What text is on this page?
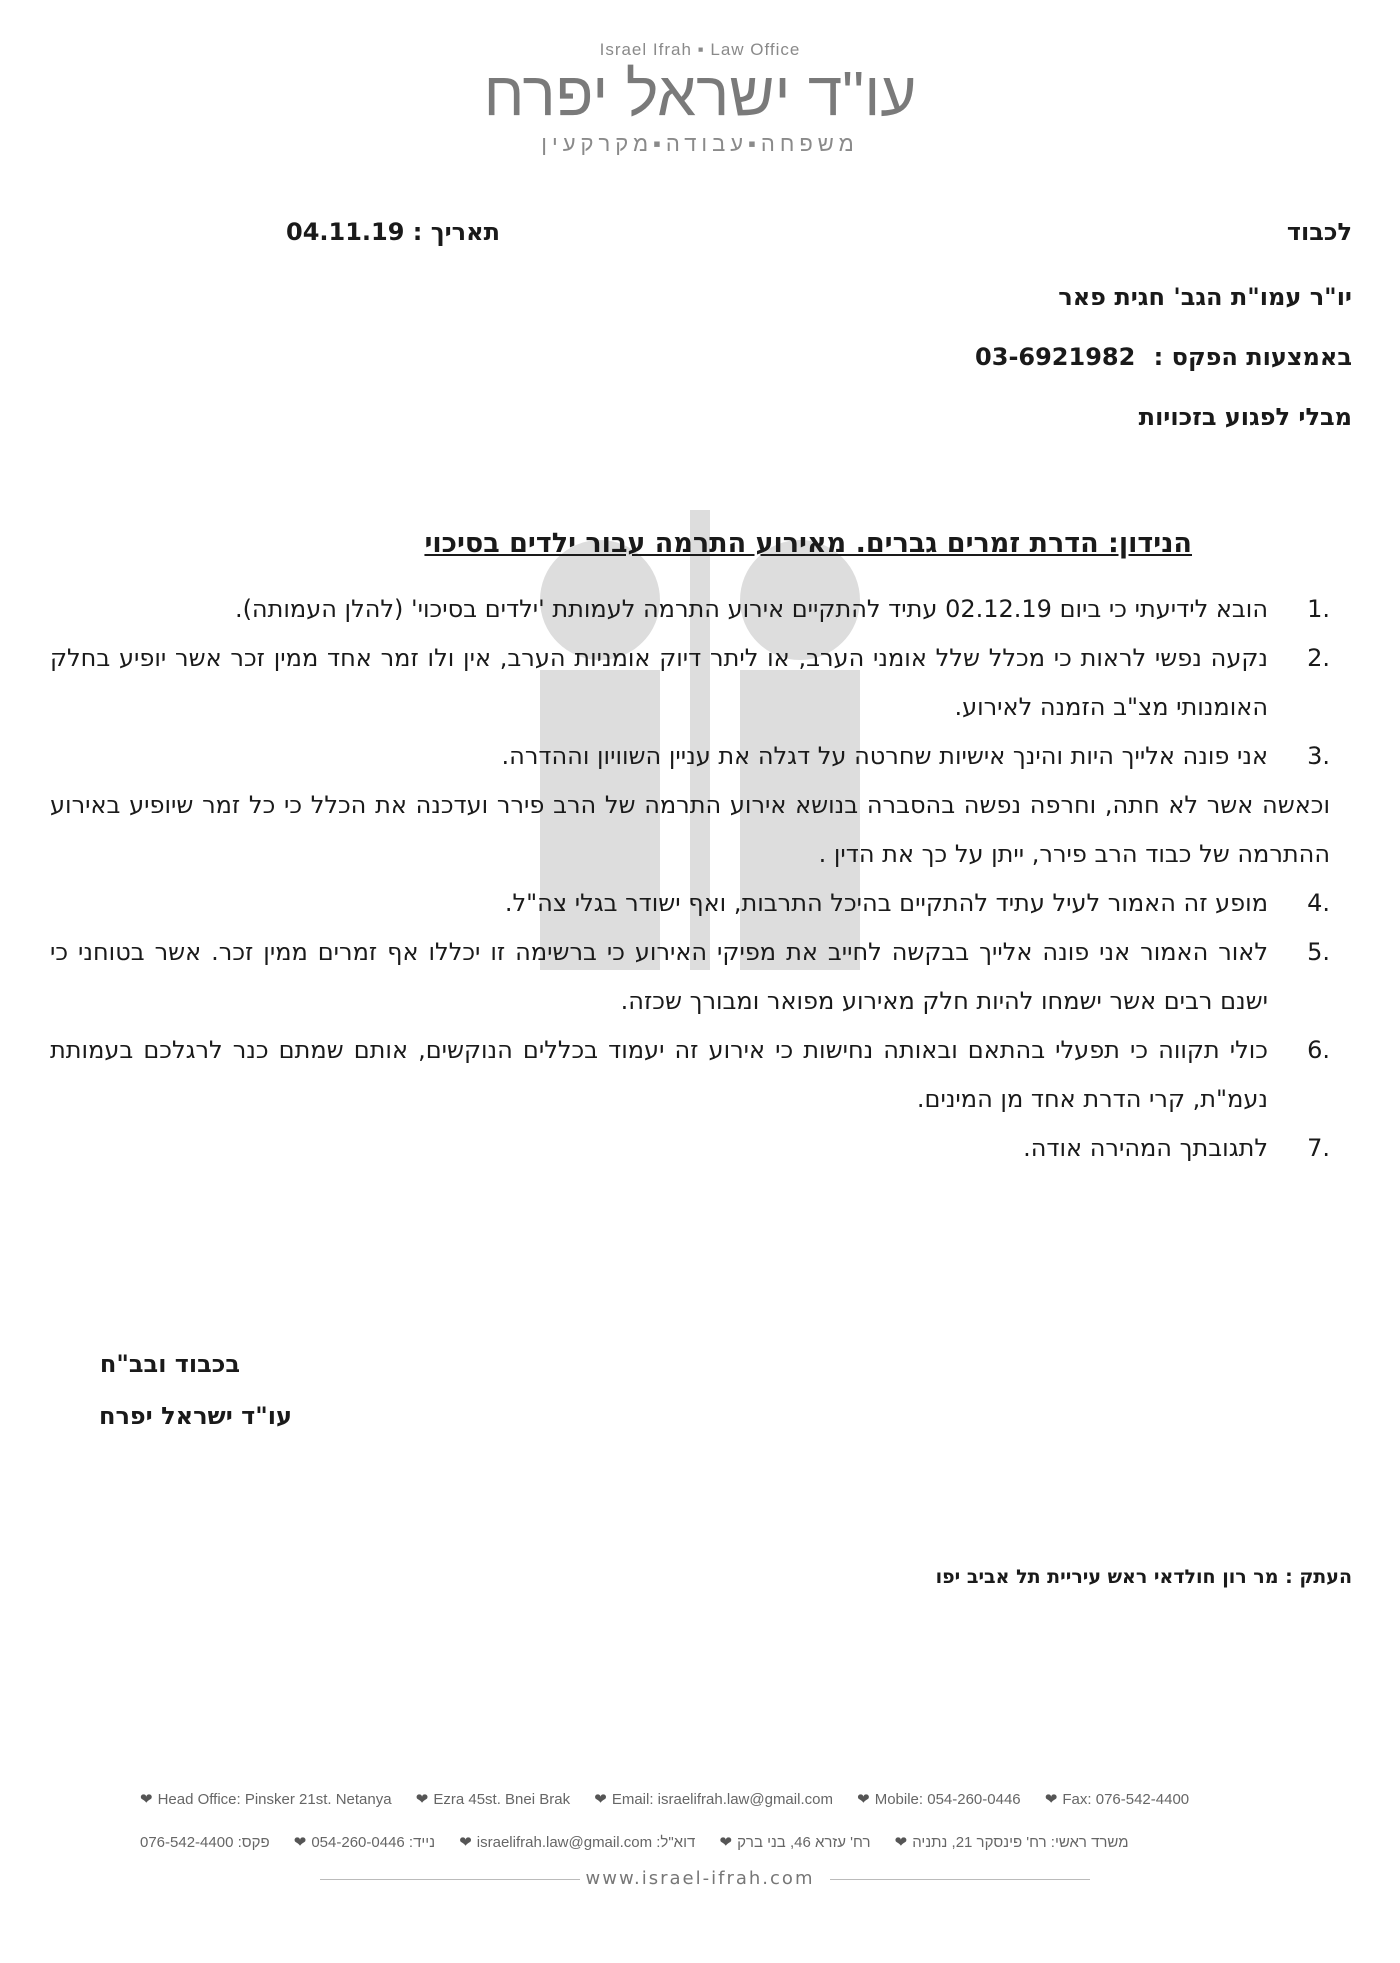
Israel Ifrah ▪ Law Office
עו"ד ישראל יפרח
משפחה▪עבודה▪מקרקעין
לכבוד
תאריך : 04.11.19
יו"ר עמו"ת הגב' חגית פאר
באמצעות הפקס : 03-6921982
מבלי לפגוע בזכויות
הנידון: הדרת זמרים גברים. מאירוע התרמה עבור ילדים בסיכוי
1.
הובא לידיעתי כי ביום 02.12.19 עתיד להתקיים אירוע התרמה לעמותת 'ילדים בסיכוי' (להלן העמותה).
2.
נקעה נפשי לראות כי מכלל שלל אומני הערב, או ליתר דיוק אומניות הערב, אין ולו זמר אחד ממין זכר אשר יופיע בחלק האומנותי מצ"ב הזמנה לאירוע.
3.
אני פונה אלייך היות והינך אישיות שחרטה על דגלה את עניין השוויון וההדרה.
וכאשה אשר לא חתה, וחרפה נפשה בהסברה בנושא אירוע התרמה של הרב פירר ועדכנה את הכלל כי כל זמר שיופיע באירוע ההתרמה של כבוד הרב פירר, ייתן על כך את הדין .
4.
מופע זה האמור לעיל עתיד להתקיים בהיכל התרבות, ואף ישודר בגלי צה"ל.
5.
לאור האמור אני פונה אלייך בבקשה לחייב את מפיקי האירוע כי ברשימה זו יכללו אף זמרים ממין זכר. אשר בטוחני כי ישנם רבים אשר ישמחו להיות חלק מאירוע מפואר ומבורך שכזה.
6.
כולי תקווה כי תפעלי בהתאם ובאותה נחישות כי אירוע זה יעמוד בכללים הנוקשים, אותם שמתם כנר לרגלכם בעמותת נעמ"ת, קרי הדרת אחד מן המינים.
7.
לתגובתך המהירה אודה.
בכבוד ובב"ח
עו"ד ישראל יפרח
העתק : מר רון חולדאי ראש עיריית תל אביב יפו
❤ Head Office: Pinsker 21st. Netanya ❤ Ezra 45st. Bnei Brak ❤ Email: israelifrah.law@gmail.com ❤ Mobile: 054-260-0446 ❤ Fax: 076-542-4400
פקס: 076-542-4400 ❤ נייד: 054-260-0446 ❤ דוא"ל: israelifrah.law@gmail.com ❤ רח' עזרא 46, בני ברק ❤ משרד ראשי: רח' פינסקר 21, נתניה
www.israel-ifrah.com
